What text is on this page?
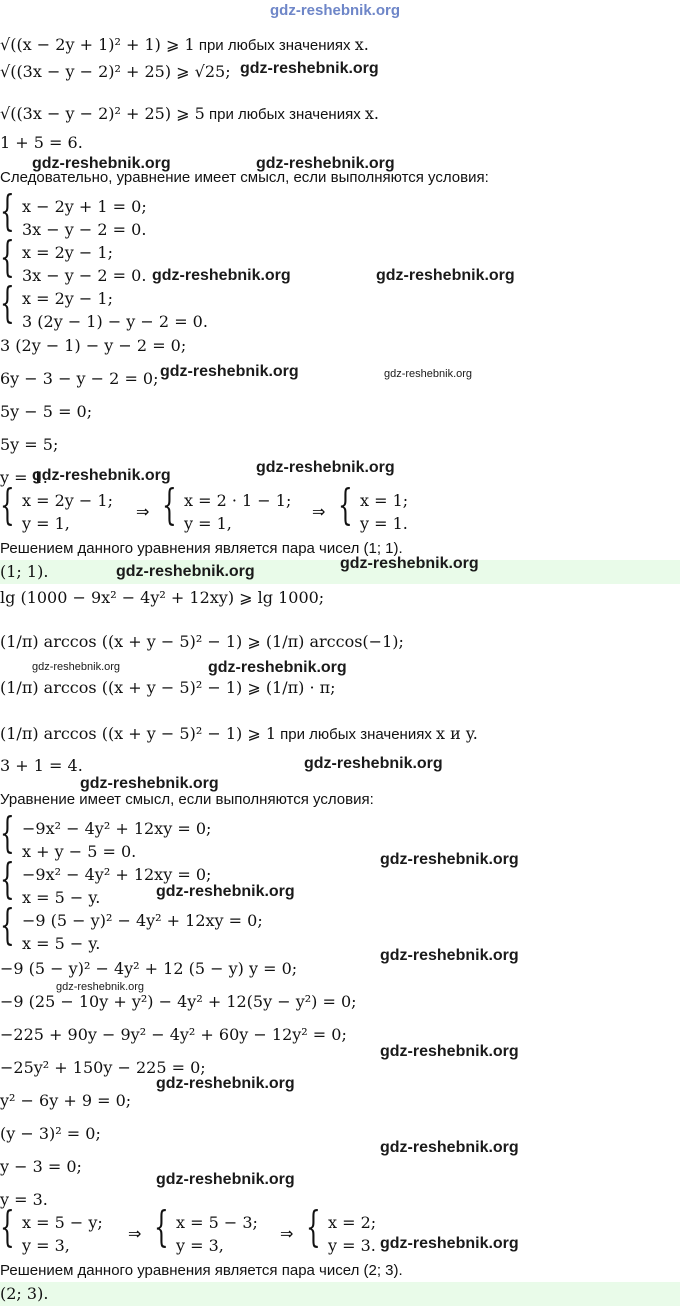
gdz-reshebnik.org
√((x − 2y + 1)² + 1) ⩾ 1 при любых значениях x.
√((3x − y − 2)² + 25) ⩾ √25;
√((3x − y − 2)² + 25) ⩾ 5 при любых значениях x.
1 + 5 = 6.
Следовательно, уравнение имеет смысл, если выполняются условия:
{ x − 2y + 1 = 0;
3x − y − 2 = 0.
{ x = 2y − 1;
3x − y − 2 = 0.
{ x = 2y − 1;
3 (2y − 1) − y − 2 = 0.
3 (2y − 1) − y − 2 = 0;
6y − 3 − y − 2 = 0;
5y − 5 = 0;
5y = 5;
y = 1.
{ x = 2y − 1;
y = 1,
⇒ { x = 2 · 1 − 1;
y = 1,
⇒ { x = 1;
y = 1.
Решением данного уравнения является пара чисел (1; 1).
(1; 1).
lg (1000 − 9x² − 4y² + 12xy) ⩾ lg 1000;
(1/π) arccos ((x + y − 5)² − 1) ⩾ (1/π) arccos(−1);
(1/π) arccos ((x + y − 5)² − 1) ⩾ (1/π) · π;
(1/π) arccos ((x + y − 5)² − 1) ⩾ 1 при любых значениях x и y.
3 + 1 = 4.
Уравнение имеет смысл, если выполняются условия:
{ −9x² − 4y² + 12xy = 0;
x + y − 5 = 0.
{ −9x² − 4y² + 12xy = 0;
x = 5 − y.
{ −9 (5 − y)² − 4y² + 12xy = 0;
x = 5 − y.
−9 (5 − y)² − 4y² + 12 (5 − y) y = 0;
−9 (25 − 10y + y²) − 4y² + 12(5y − y²) = 0;
−225 + 90y − 9y² − 4y² + 60y − 12y² = 0;
−25y² + 150y − 225 = 0;
y² − 6y + 9 = 0;
(y − 3)² = 0;
y − 3 = 0;
y = 3.
{ x = 5 − y;
y = 3,
⇒ { x = 5 − 3;
y = 3,
⇒ { x = 2;
y = 3.
Решением данного уравнения является пара чисел (2; 3).
(2; 3).
gdz-reshebnik.org
gdz-reshebnik.org	gdz-reshebnik.org
gdz-reshebnik.org	gdz-reshebnik.org
gdz-reshebnik.org	gdz-reshebnik.org
gdz-reshebnik.org	gdz-reshebnik.org
gdz-reshebnik.org	gdz-reshebnik.org
gdz-reshebnik.org	gdz-reshebnik.org
gdz-reshebnik.org
gdz-reshebnik.org
gdz-reshebnik.org
gdz-reshebnik.org
gdz-reshebnik.org
gdz-reshebnik.org
gdz-reshebnik.org
gdz-reshebnik.org
gdz-reshebnik.org
gdz-reshebnik.org
gdz-reshebnik.org
